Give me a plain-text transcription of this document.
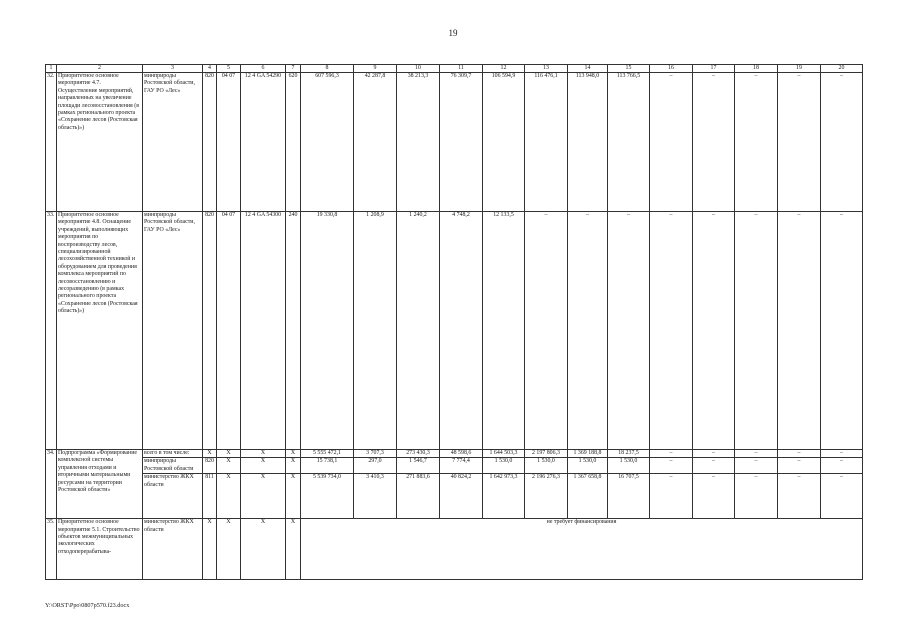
19
1	2	3	4	5	6	7	8	9	10	11	12	13	14	15	16	17	18	19	20
32.	Приоритетное основное мероприятие 4.7. Осуществление мероприятий, направленных на увеличение площади лесовосстановления (в рамках регионального проекта «Сохранение лесов (Ростовская область)»)	минприроды Ростовской области, ГАУ РО «Лес»	820	04 07	12 4 GA 54290	620	607 596,3	42 287,8	38 213,3	76 309,7	106 594,9	116 476,1	113 948,0	113 766,5	–	–	–	–	–
33.	Приоритетное основное мероприятие 4.8. Оснащение учреждений, выполняющих мероприятия по воспроизводству лесов, специализированной лесохозяйственной техникой и оборудованием для проведения комплекса мероприятий по лесовосстановлению и лесоразведению (в рамках регионального проекта «Сохранение лесов (Ростовская область)»)	минприроды Ростовской области, ГАУ РО «Лес»	820	04 07	12 4 GA 54300	240	19 330,8	1 208,9	1 240,2	4 748,2	12 133,5	–	–	–	–	–	–	–	–
34.	Подпрограмма «Формирование комплексной системы управления отходами и вторичными материальными ресурсами на территории Ростовской области»	всего в том числе:	Х	Х	Х	Х	5 555 472,1	3 707,3	273 430,3	48 598,6	1 644 503,3	2 197 806,3	1 369 188,8	18 237,5	–	–	–	–	–
		минприроды Ростовской области	820	Х	Х	Х	15 738,1	297,0	1 546,7	7 774,4	1 530,0	1 530,0	1 530,0	1 530,0	–	–	–	–	–
		министерство ЖКХ области	811	Х	Х	Х	5 539 734,0	3 410,3	271 883,6	40 824,2	1 642 973,3	2 196 276,3	1 367 658,8	16 707,5	–	–	–	–	–
35.	Приоритетное основное мероприятие 5.1. Строительство объектов межмуниципальных экологических отходоперерабатыва-	министерство ЖКХ области	Х	Х	Х	Х	не требует финансирования												
Y:\ORST\Ppo\0807p570.f23.docx
